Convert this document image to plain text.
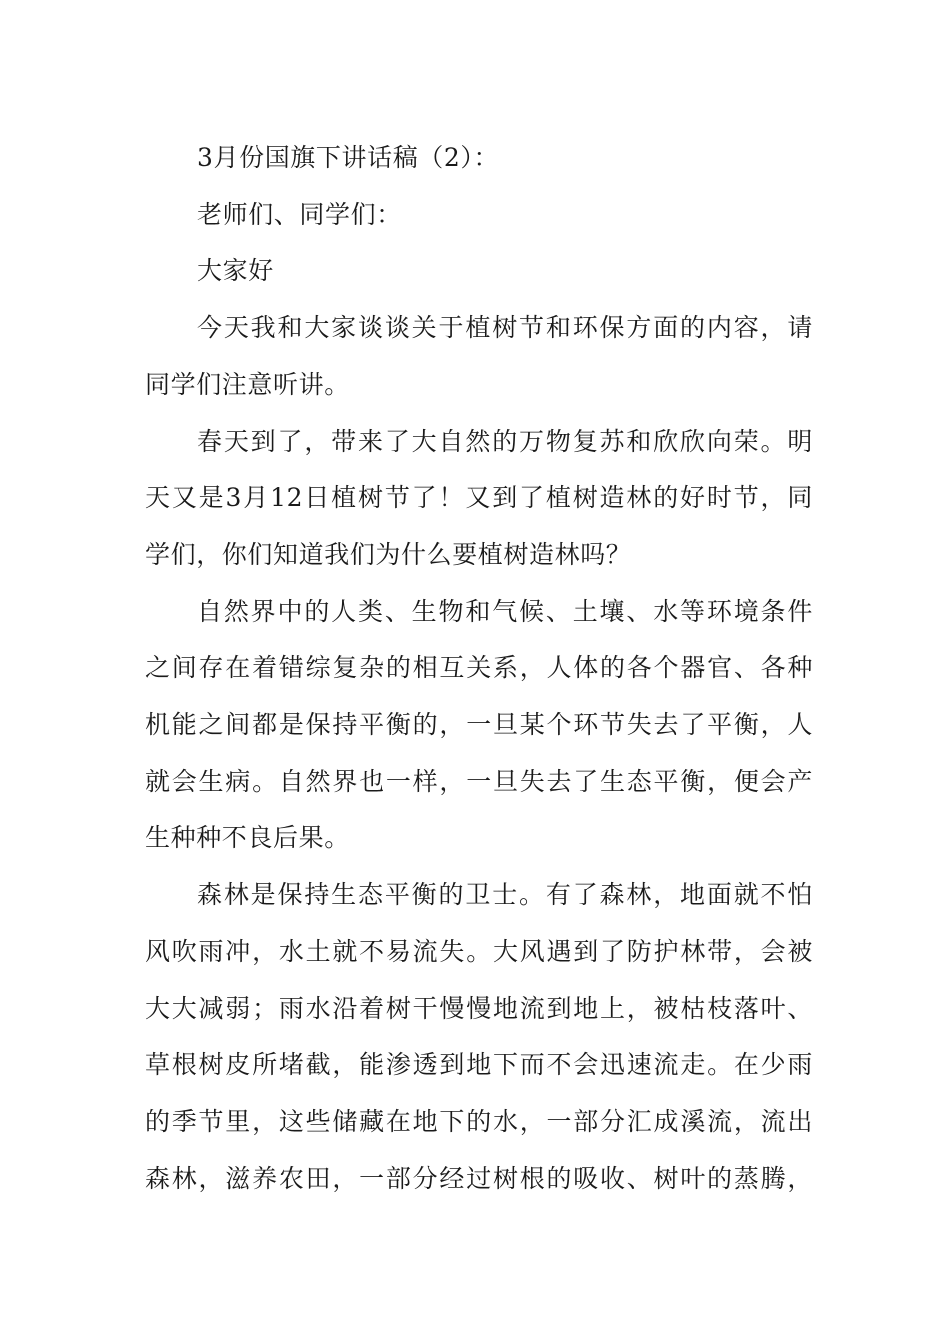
3月份国旗下讲话稿（2）：

老师们、同学们：

大家好

今天我和大家谈谈关于植树节和环保方面的内容，请
同学们注意听讲。

春天到了，带来了大自然的万物复苏和欣欣向荣。明
天又是3月12日植树节了！又到了植树造林的好时节，同
学们，你们知道我们为什么要植树造林吗？

自然界中的人类、生物和气候、土壤、水等环境条件
之间存在着错综复杂的相互关系，人体的各个器官、各种
机能之间都是保持平衡的，一旦某个环节失去了平衡，人
就会生病。自然界也一样，一旦失去了生态平衡，便会产
生种种不良后果。

森林是保持生态平衡的卫士。有了森林，地面就不怕
风吹雨冲，水土就不易流失。大风遇到了防护林带，会被
大大减弱；雨水沿着树干慢慢地流到地上，被枯枝落叶、
草根树皮所堵截，能渗透到地下而不会迅速流走。在少雨
的季节里，这些储藏在地下的水，一部分汇成溪流，流出
森林，滋养农田，一部分经过树根的吸收、树叶的蒸腾，
